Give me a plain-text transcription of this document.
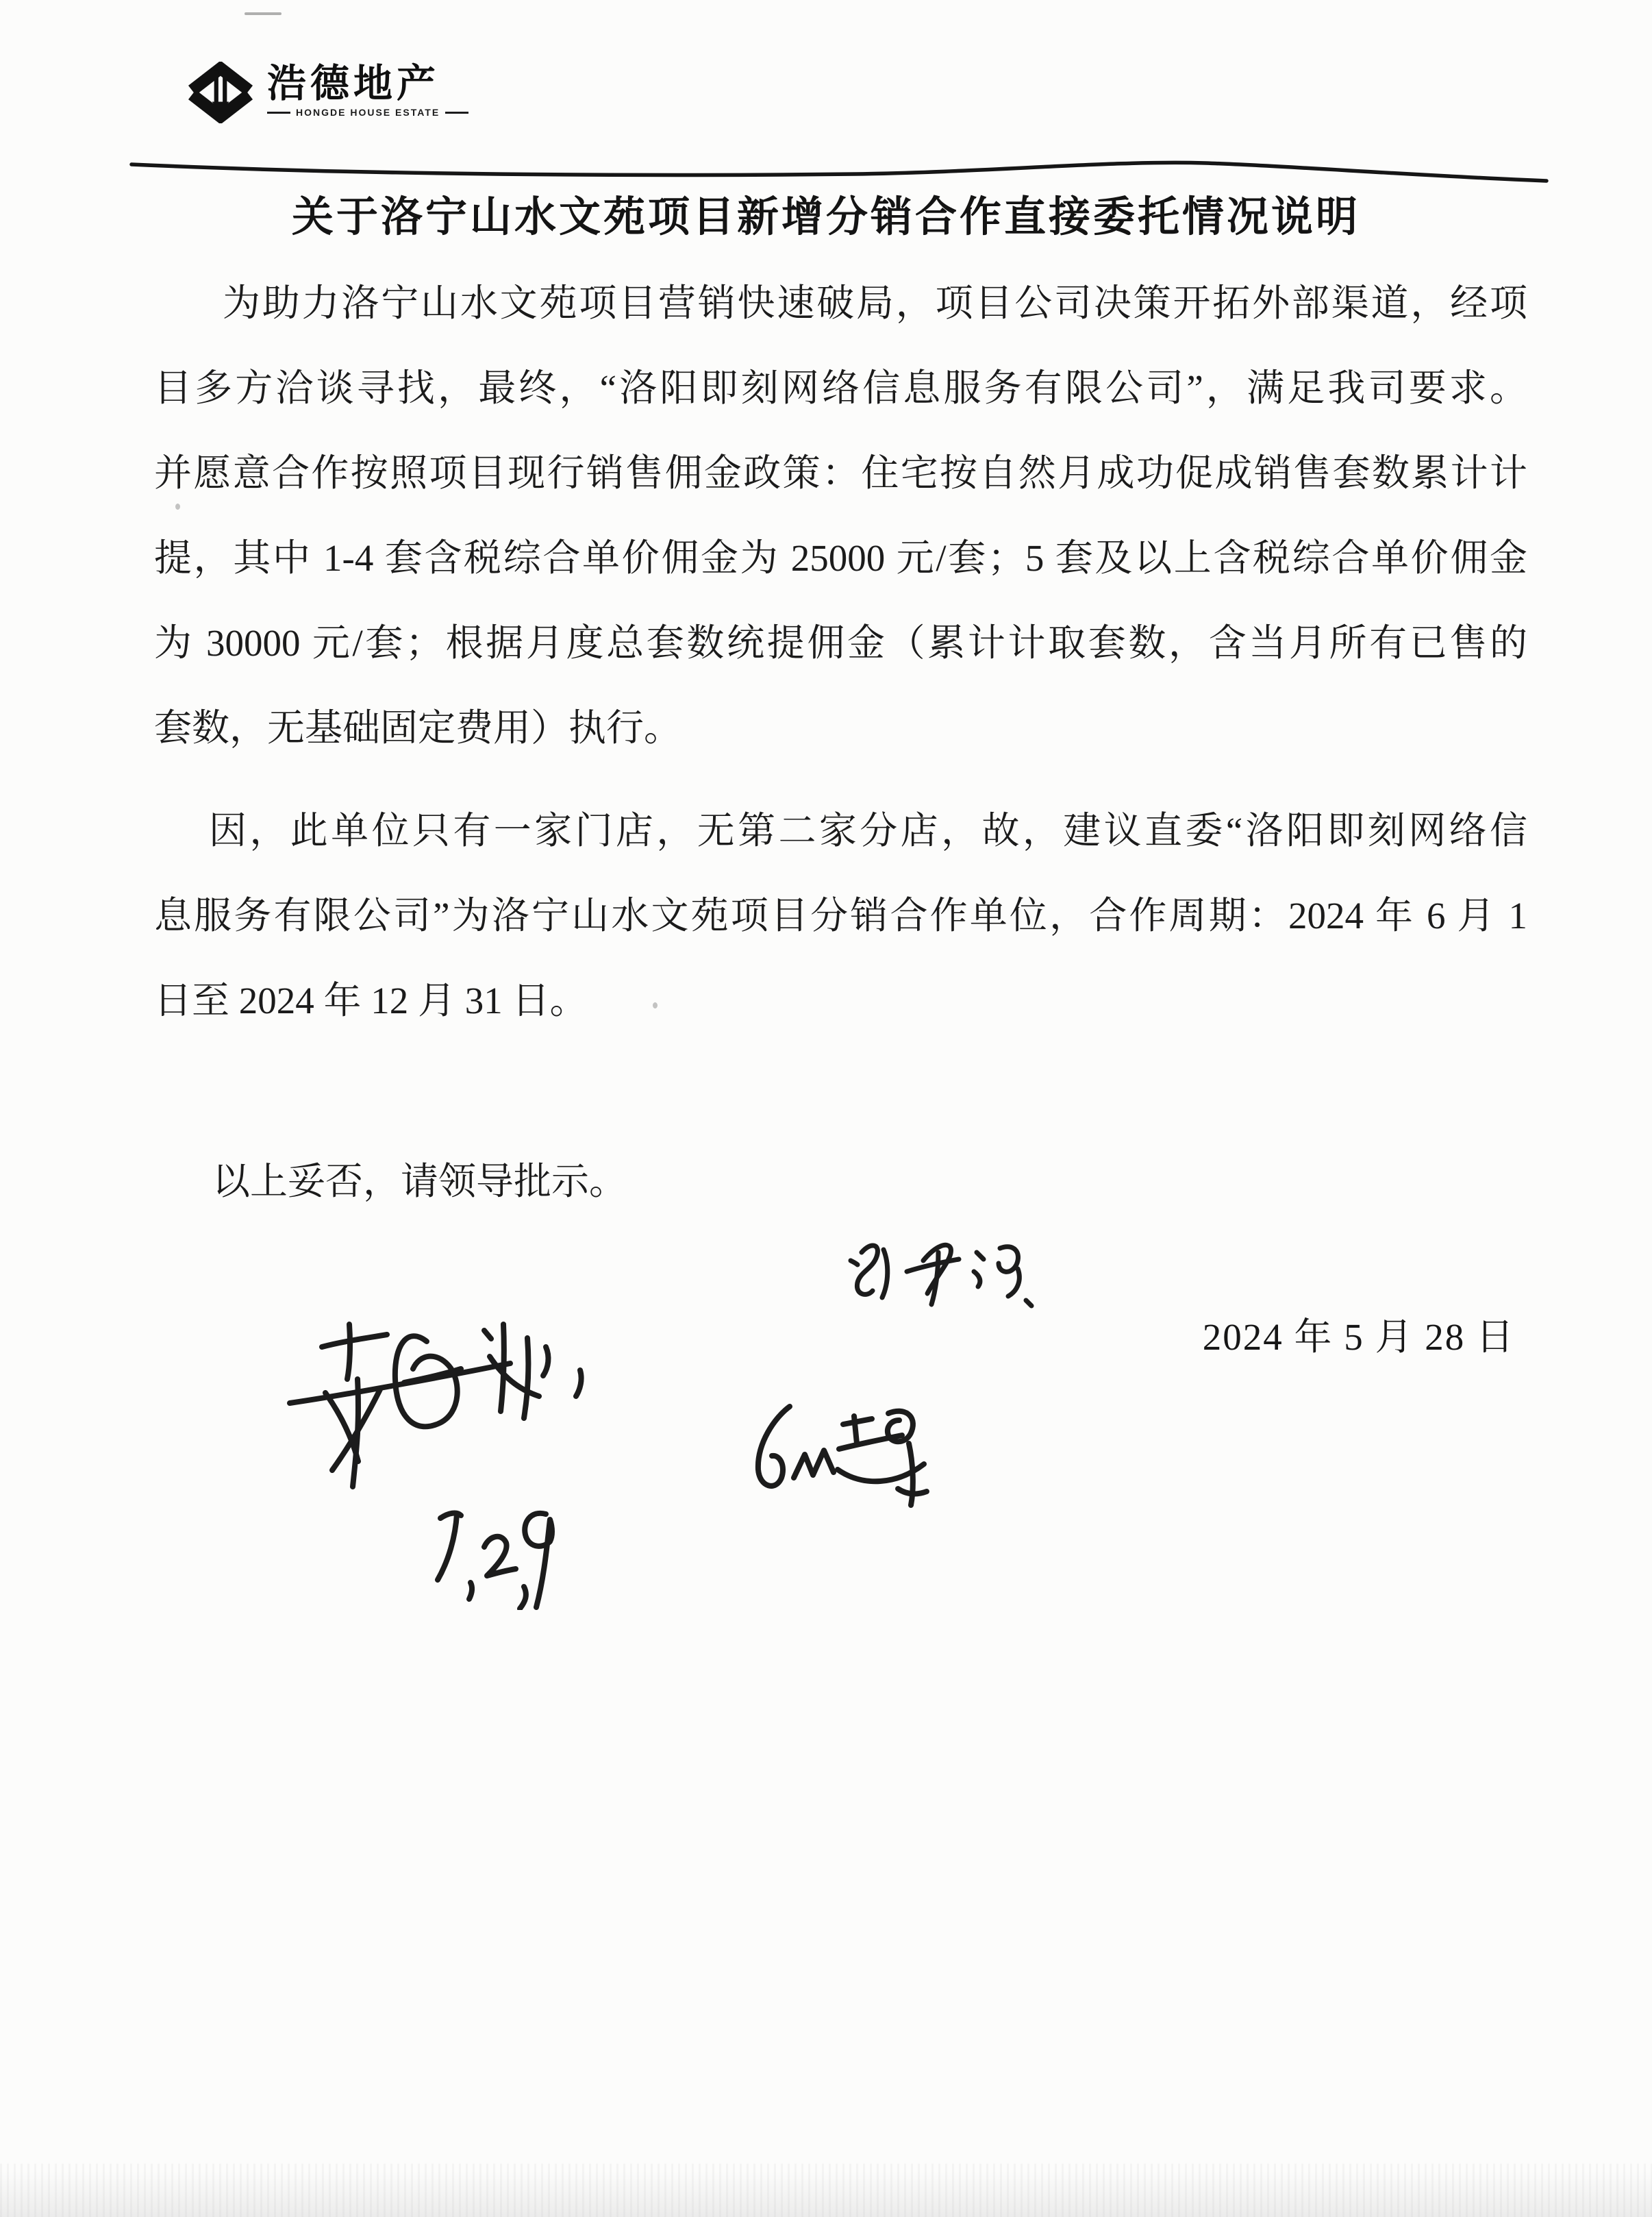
浩德地产
HONGDE HOUSE ESTATE
关于洛宁山水文苑项目新增分销合作直接委托情况说明
为助力洛宁山水文苑项目营销快速破局，项目公司决策开拓外部渠道，经项
目多方洽谈寻找，最终，“洛阳即刻网络信息服务有限公司”，满足我司要求。
并愿意合作按照项目现行销售佣金政策：住宅按自然月成功促成销售套数累计计
提，其中 1-4 套含税综合单价佣金为 25000 元/套；5 套及以上含税综合单价佣金
为 30000 元/套；根据月度总套数统提佣金（累计计取套数，含当月所有已售的
套数，无基础固定费用）执行。
因，此单位只有一家门店，无第二家分店，故，建议直委“洛阳即刻网络信
息服务有限公司”为洛宁山水文苑项目分销合作单位，合作周期：2024 年 6 月 1
日至 2024 年 12 月 31 日。
以上妥否，请领导批示。
2024 年 5 月 28 日
